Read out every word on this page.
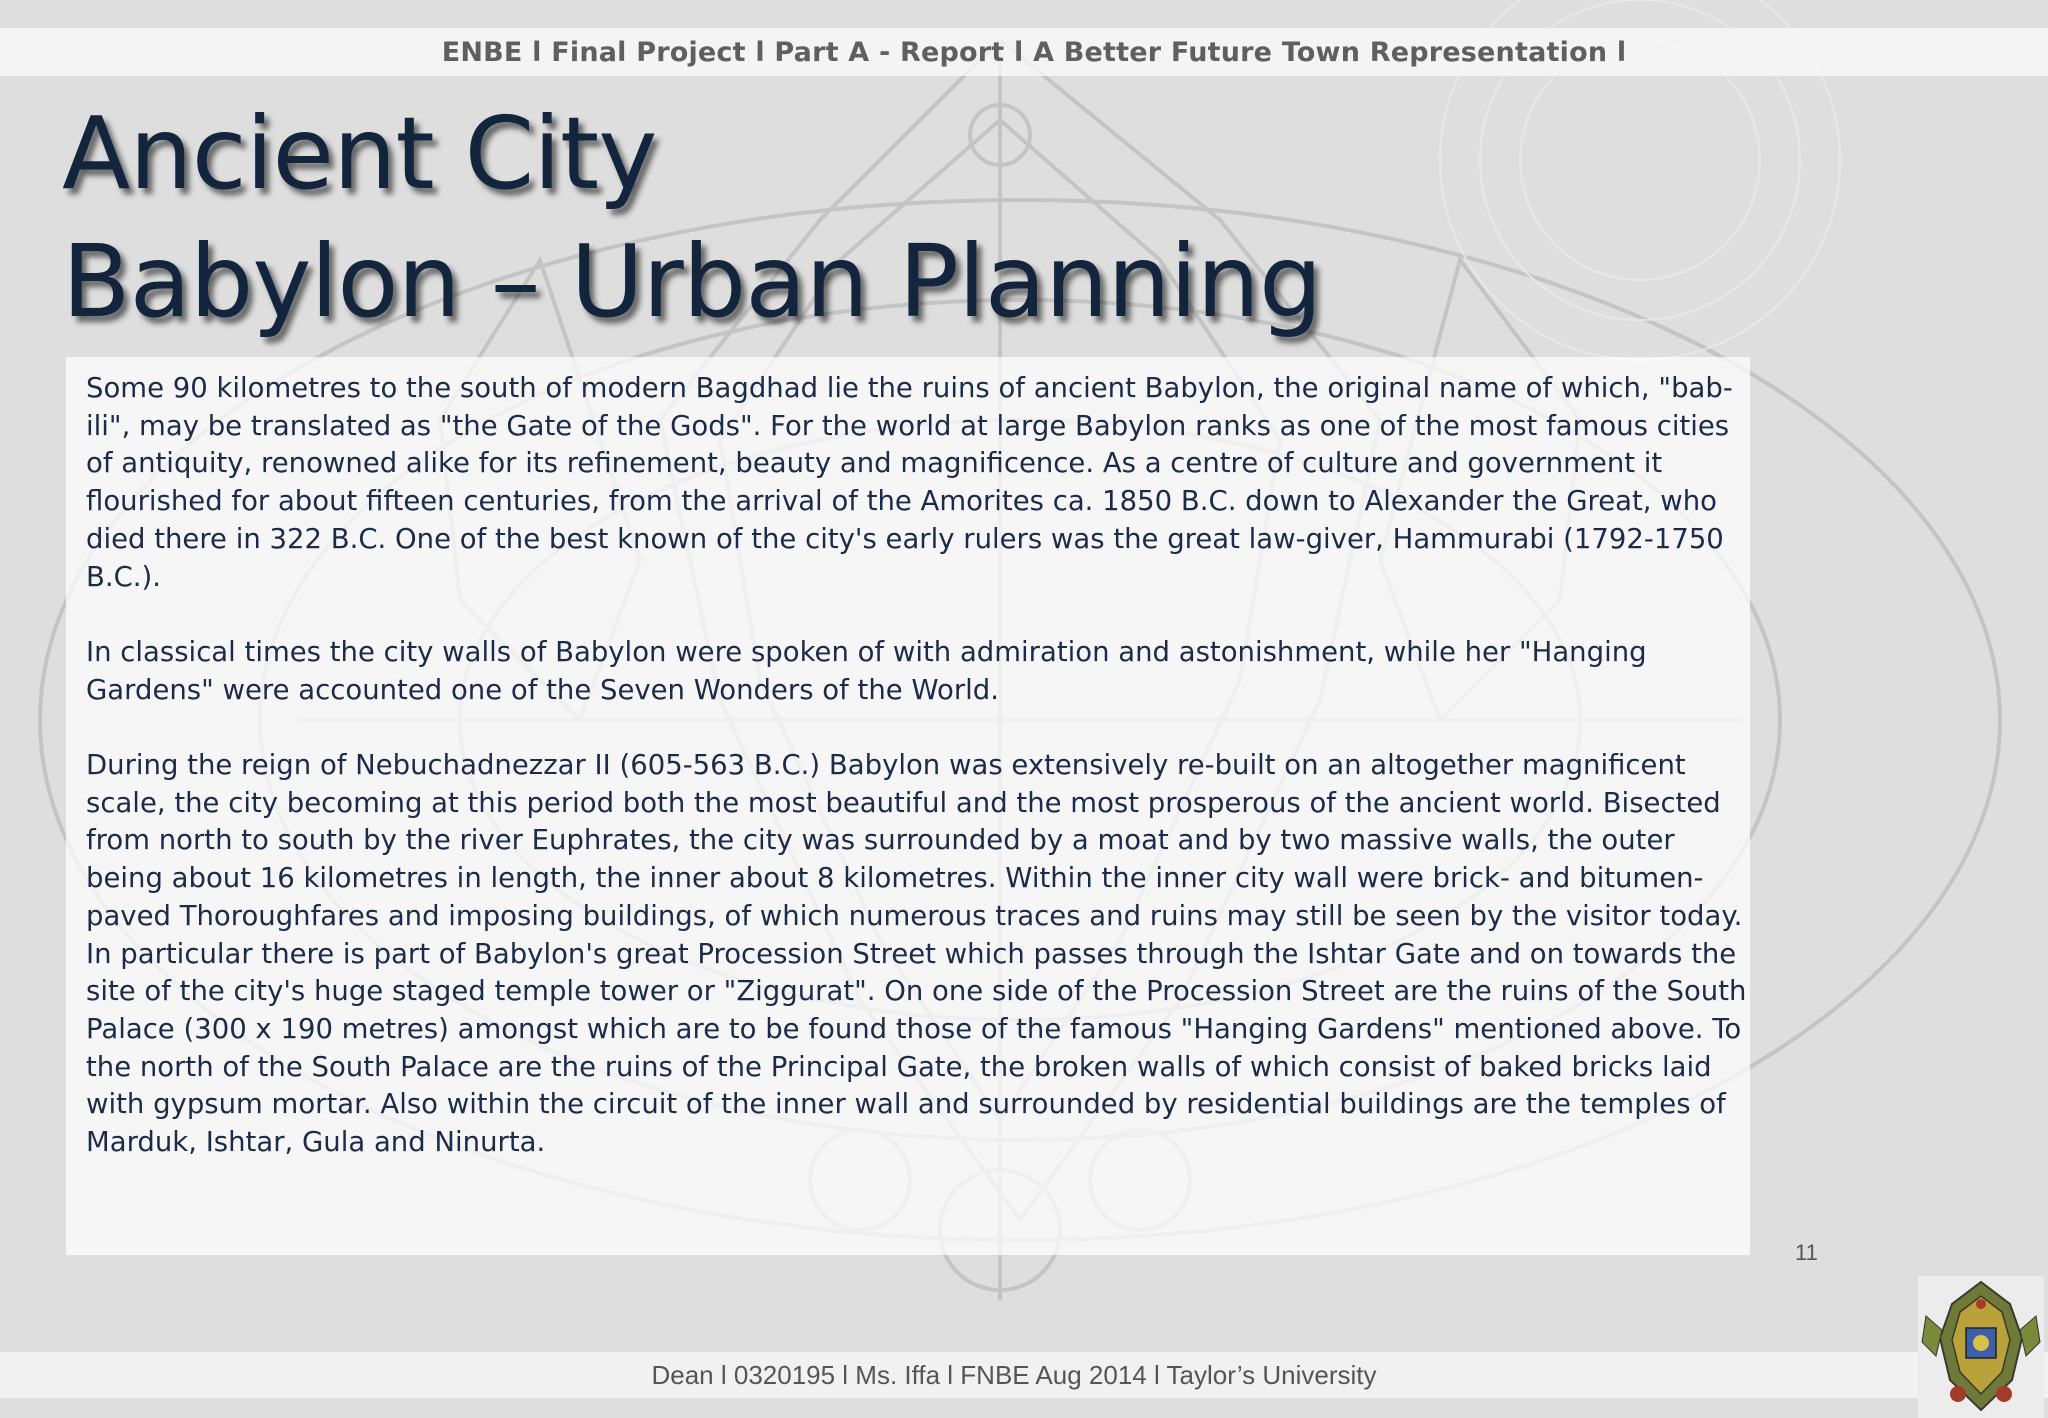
ENBE l Final Project l Part A - Report l A Better Future Town Representation l
Ancient City
Babylon – Urban Planning

Some 90 kilometres to the south of modern Bagdhad lie the ruins of ancient Babylon, the original name of which, "bab-ili", may be translated as "the Gate of the Gods". For the world at large Babylon ranks as one of the most famous cities of antiquity, renowned alike for its refinement, beauty and magnificence. As a centre of culture and government it flourished for about fifteen centuries, from the arrival of the Amorites ca. 1850 B.C. down to Alexander the Great, who died there in 322 B.C. One of the best known of the city's early rulers was the great law-giver, Hammurabi (1792-1750 B.C.).

In classical times the city walls of Babylon were spoken of with admiration and astonishment, while her "Hanging Gardens" were accounted one of the Seven Wonders of the World.

During the reign of Nebuchadnezzar II (605-563 B.C.) Babylon was extensively re-built on an altogether magnificent scale, the city becoming at this period both the most beautiful and the most prosperous of the ancient world. Bisected from north to south by the river Euphrates, the city was surrounded by a moat and by two massive walls, the outer being about 16 kilometres in length, the inner about 8 kilometres. Within the inner city wall were brick- and bitumen-paved Thoroughfares and imposing buildings, of which numerous traces and ruins may still be seen by the visitor today. In particular there is part of Babylon's great Procession Street which passes through the Ishtar Gate and on towards the site of the city's huge staged temple tower or "Ziggurat". On one side of the Procession Street are the ruins of the South Palace (300 x 190 metres) amongst which are to be found those of the famous "Hanging Gardens" mentioned above. To the north of the South Palace are the ruins of the Principal Gate, the broken walls of which consist of baked bricks laid with gypsum mortar. Also within the circuit of the inner wall and surrounded by residential buildings are the temples of Marduk, Ishtar, Gula and Ninurta.

11
Dean l 0320195 l Ms. Iffa l FNBE Aug 2014 l Taylor’s University
